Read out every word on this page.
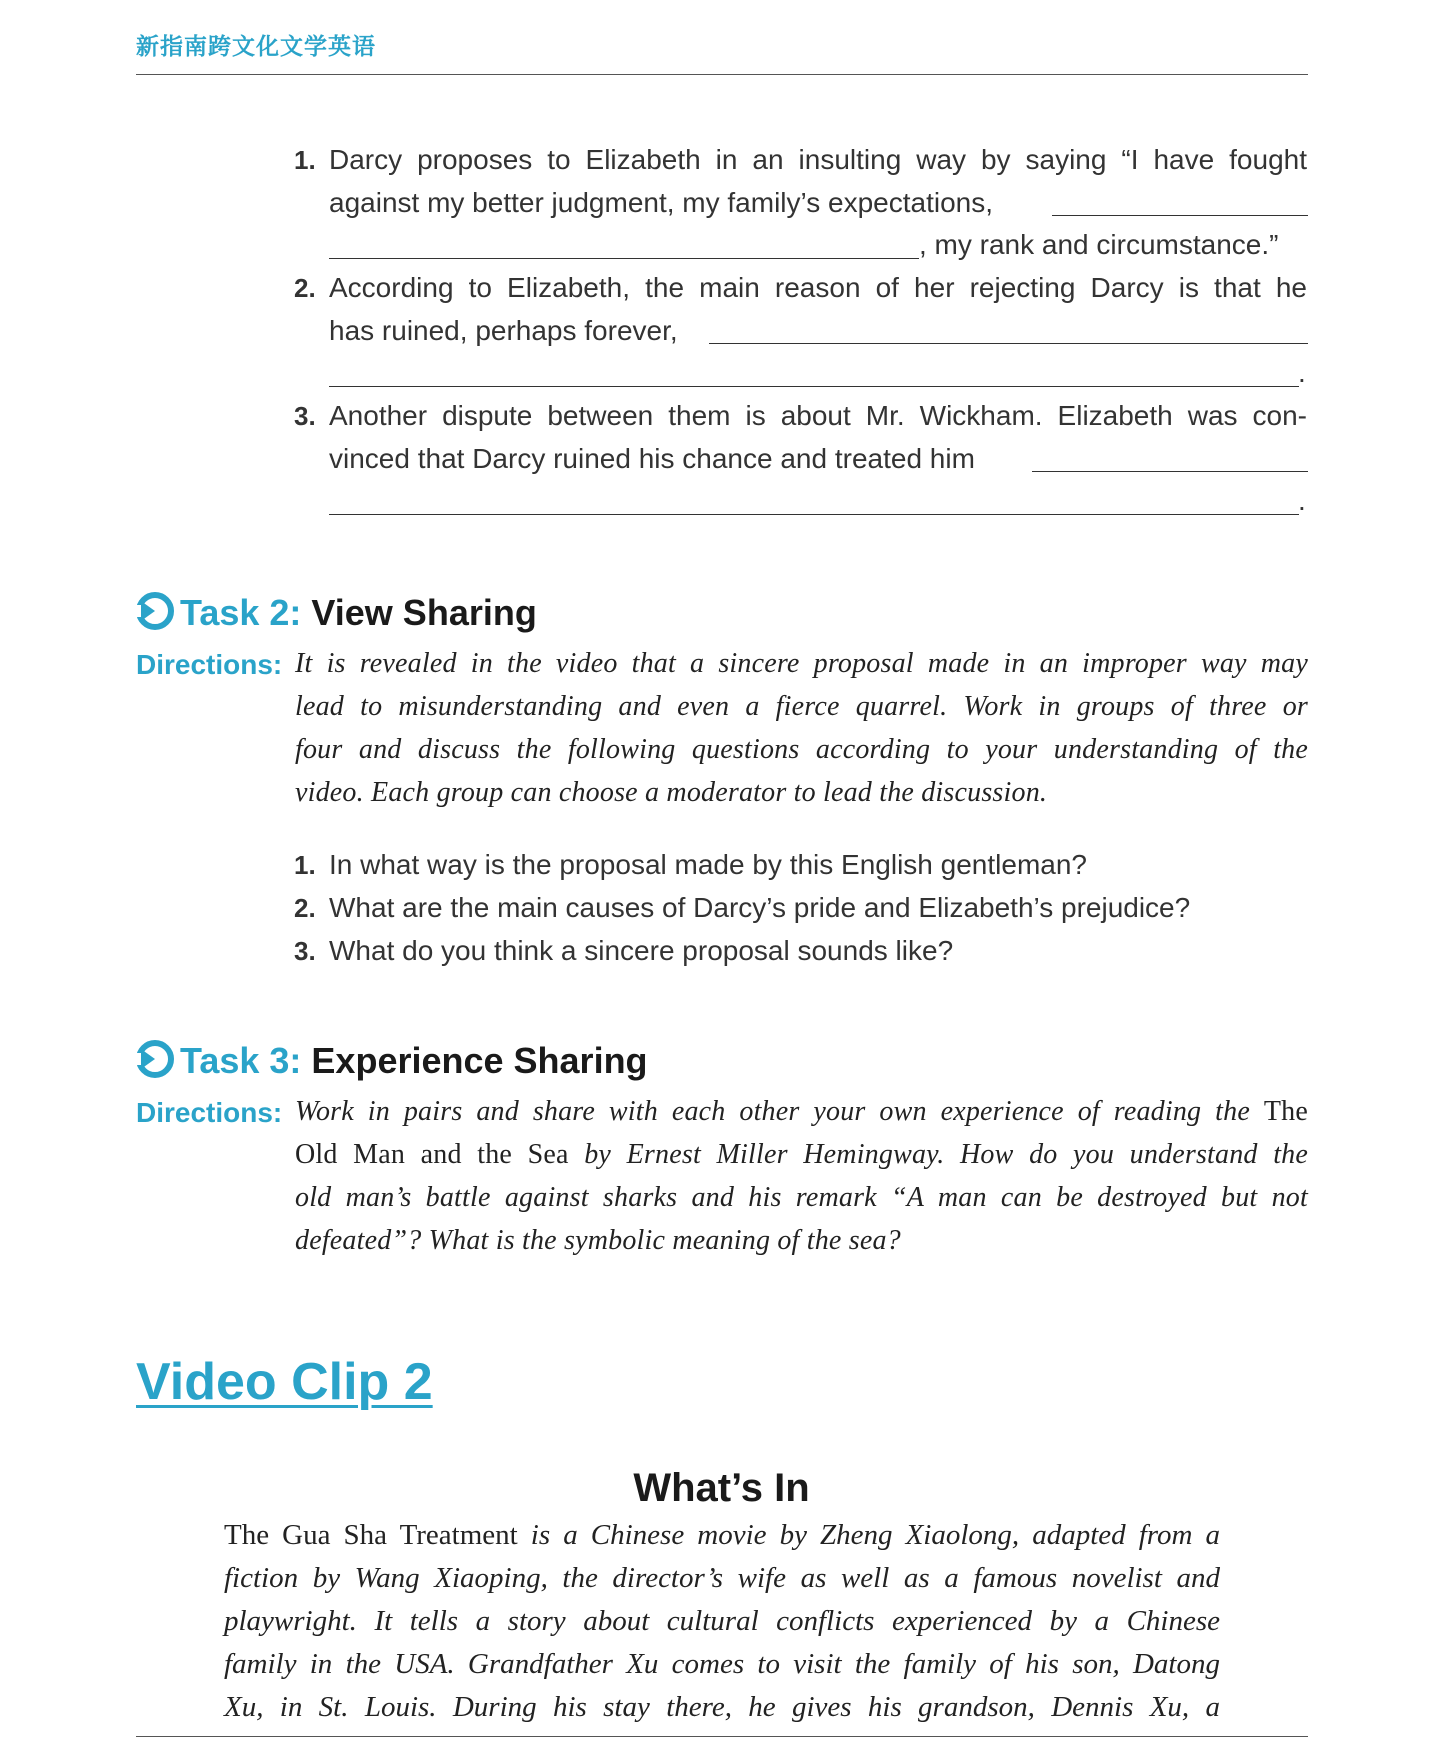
新指南跨文化文学英语
1. Darcy proposes to Elizabeth in an insulting way by saying “I have fought
against my better judgment, my family’s expectations,
, my rank and circumstance.”
2. According to Elizabeth, the main reason of her rejecting Darcy is that he
has ruined, perhaps forever,
.
3. Another dispute between them is about Mr. Wickham. Elizabeth was con-
vinced that Darcy ruined his chance and treated him
.
Task 2: View Sharing
Directions: It is revealed in the video that a sincere proposal made in an improper way may
lead to misunderstanding and even a fierce quarrel. Work in groups of three or
four and discuss the following questions according to your understanding of the
video. Each group can choose a moderator to lead the discussion.
1. In what way is the proposal made by this English gentleman?
2. What are the main causes of Darcy’s pride and Elizabeth’s prejudice?
3. What do you think a sincere proposal sounds like?
Task 3: Experience Sharing
Directions: Work in pairs and share with each other your own experience of reading the The
Old Man and the Sea by Ernest Miller Hemingway. How do you understand the
old man’s battle against sharks and his remark “A man can be destroyed but not
defeated”? What is the symbolic meaning of the sea?
Video Clip 2
What’s In
The Gua Sha Treatment is a Chinese movie by Zheng Xiaolong, adapted from a
fiction by Wang Xiaoping, the director’s wife as well as a famous novelist and
playwright. It tells a story about cultural conflicts experienced by a Chinese
family in the USA. Grandfather Xu comes to visit the family of his son, Datong
Xu, in St. Louis. During his stay there, he gives his grandson, Dennis Xu, a
